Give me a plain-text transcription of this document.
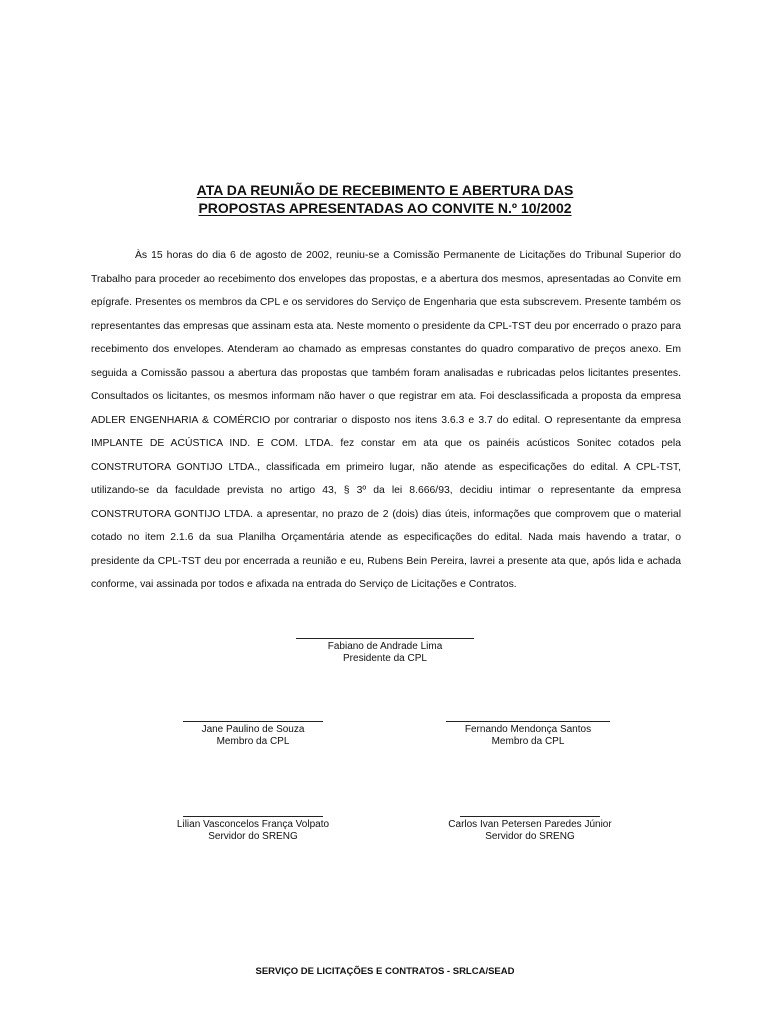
ATA DA REUNIÃO DE RECEBIMENTO E ABERTURA DAS
PROPOSTAS APRESENTADAS AO CONVITE N.º 10/2002

Às 15 horas do dia 6 de agosto de 2002, reuniu-se a Comissão Permanente de Licitações do Tribunal Superior do Trabalho para proceder ao recebimento dos envelopes das propostas, e a abertura dos mesmos, apresentadas ao Convite em epígrafe. Presentes os membros da CPL e os servidores do Serviço de Engenharia que esta subscrevem. Presente também os representantes das empresas que assinam esta ata. Neste momento o presidente da CPL-TST deu por encerrado o prazo para recebimento dos envelopes. Atenderam ao chamado as empresas constantes do quadro comparativo de preços anexo. Em seguida a Comissão passou a abertura das propostas que também foram analisadas e rubricadas pelos licitantes presentes. Consultados os licitantes, os mesmos informam não haver o que registrar em ata. Foi desclassificada a proposta da empresa ADLER ENGENHARIA & COMÉRCIO por contrariar o disposto nos itens 3.6.3 e 3.7 do edital. O representante da empresa IMPLANTE DE ACÚSTICA IND. E COM. LTDA. fez constar em ata que os painéis acústicos Sonitec cotados pela CONSTRUTORA GONTIJO LTDA., classificada em primeiro lugar, não atende as especificações do edital. A CPL-TST, utilizando-se da faculdade prevista no artigo 43, § 3º da lei 8.666/93, decidiu intimar o representante da empresa CONSTRUTORA GONTIJO LTDA. a apresentar, no prazo de 2 (dois) dias úteis, informações que comprovem que o material cotado no item 2.1.6 da sua Planilha Orçamentária atende as especificações do edital. Nada mais havendo a tratar, o presidente da CPL-TST deu por encerrada a reunião e eu, Rubens Bein Pereira, lavrei a presente ata que, após lida e achada conforme, vai assinada por todos e afixada na entrada do Serviço de Licitações e Contratos.

Fabiano de Andrade Lima
Presidente da CPL
Jane Paulino de Souza
Membro da CPL
Fernando Mendonça Santos
Membro da CPL
Lilian Vasconcelos França Volpato
Servidor do SRENG
Carlos Ivan Petersen Paredes Júnior
Servidor do SRENG
SERVIÇO DE LICITAÇÕES E CONTRATOS - SRLCA/SEAD
